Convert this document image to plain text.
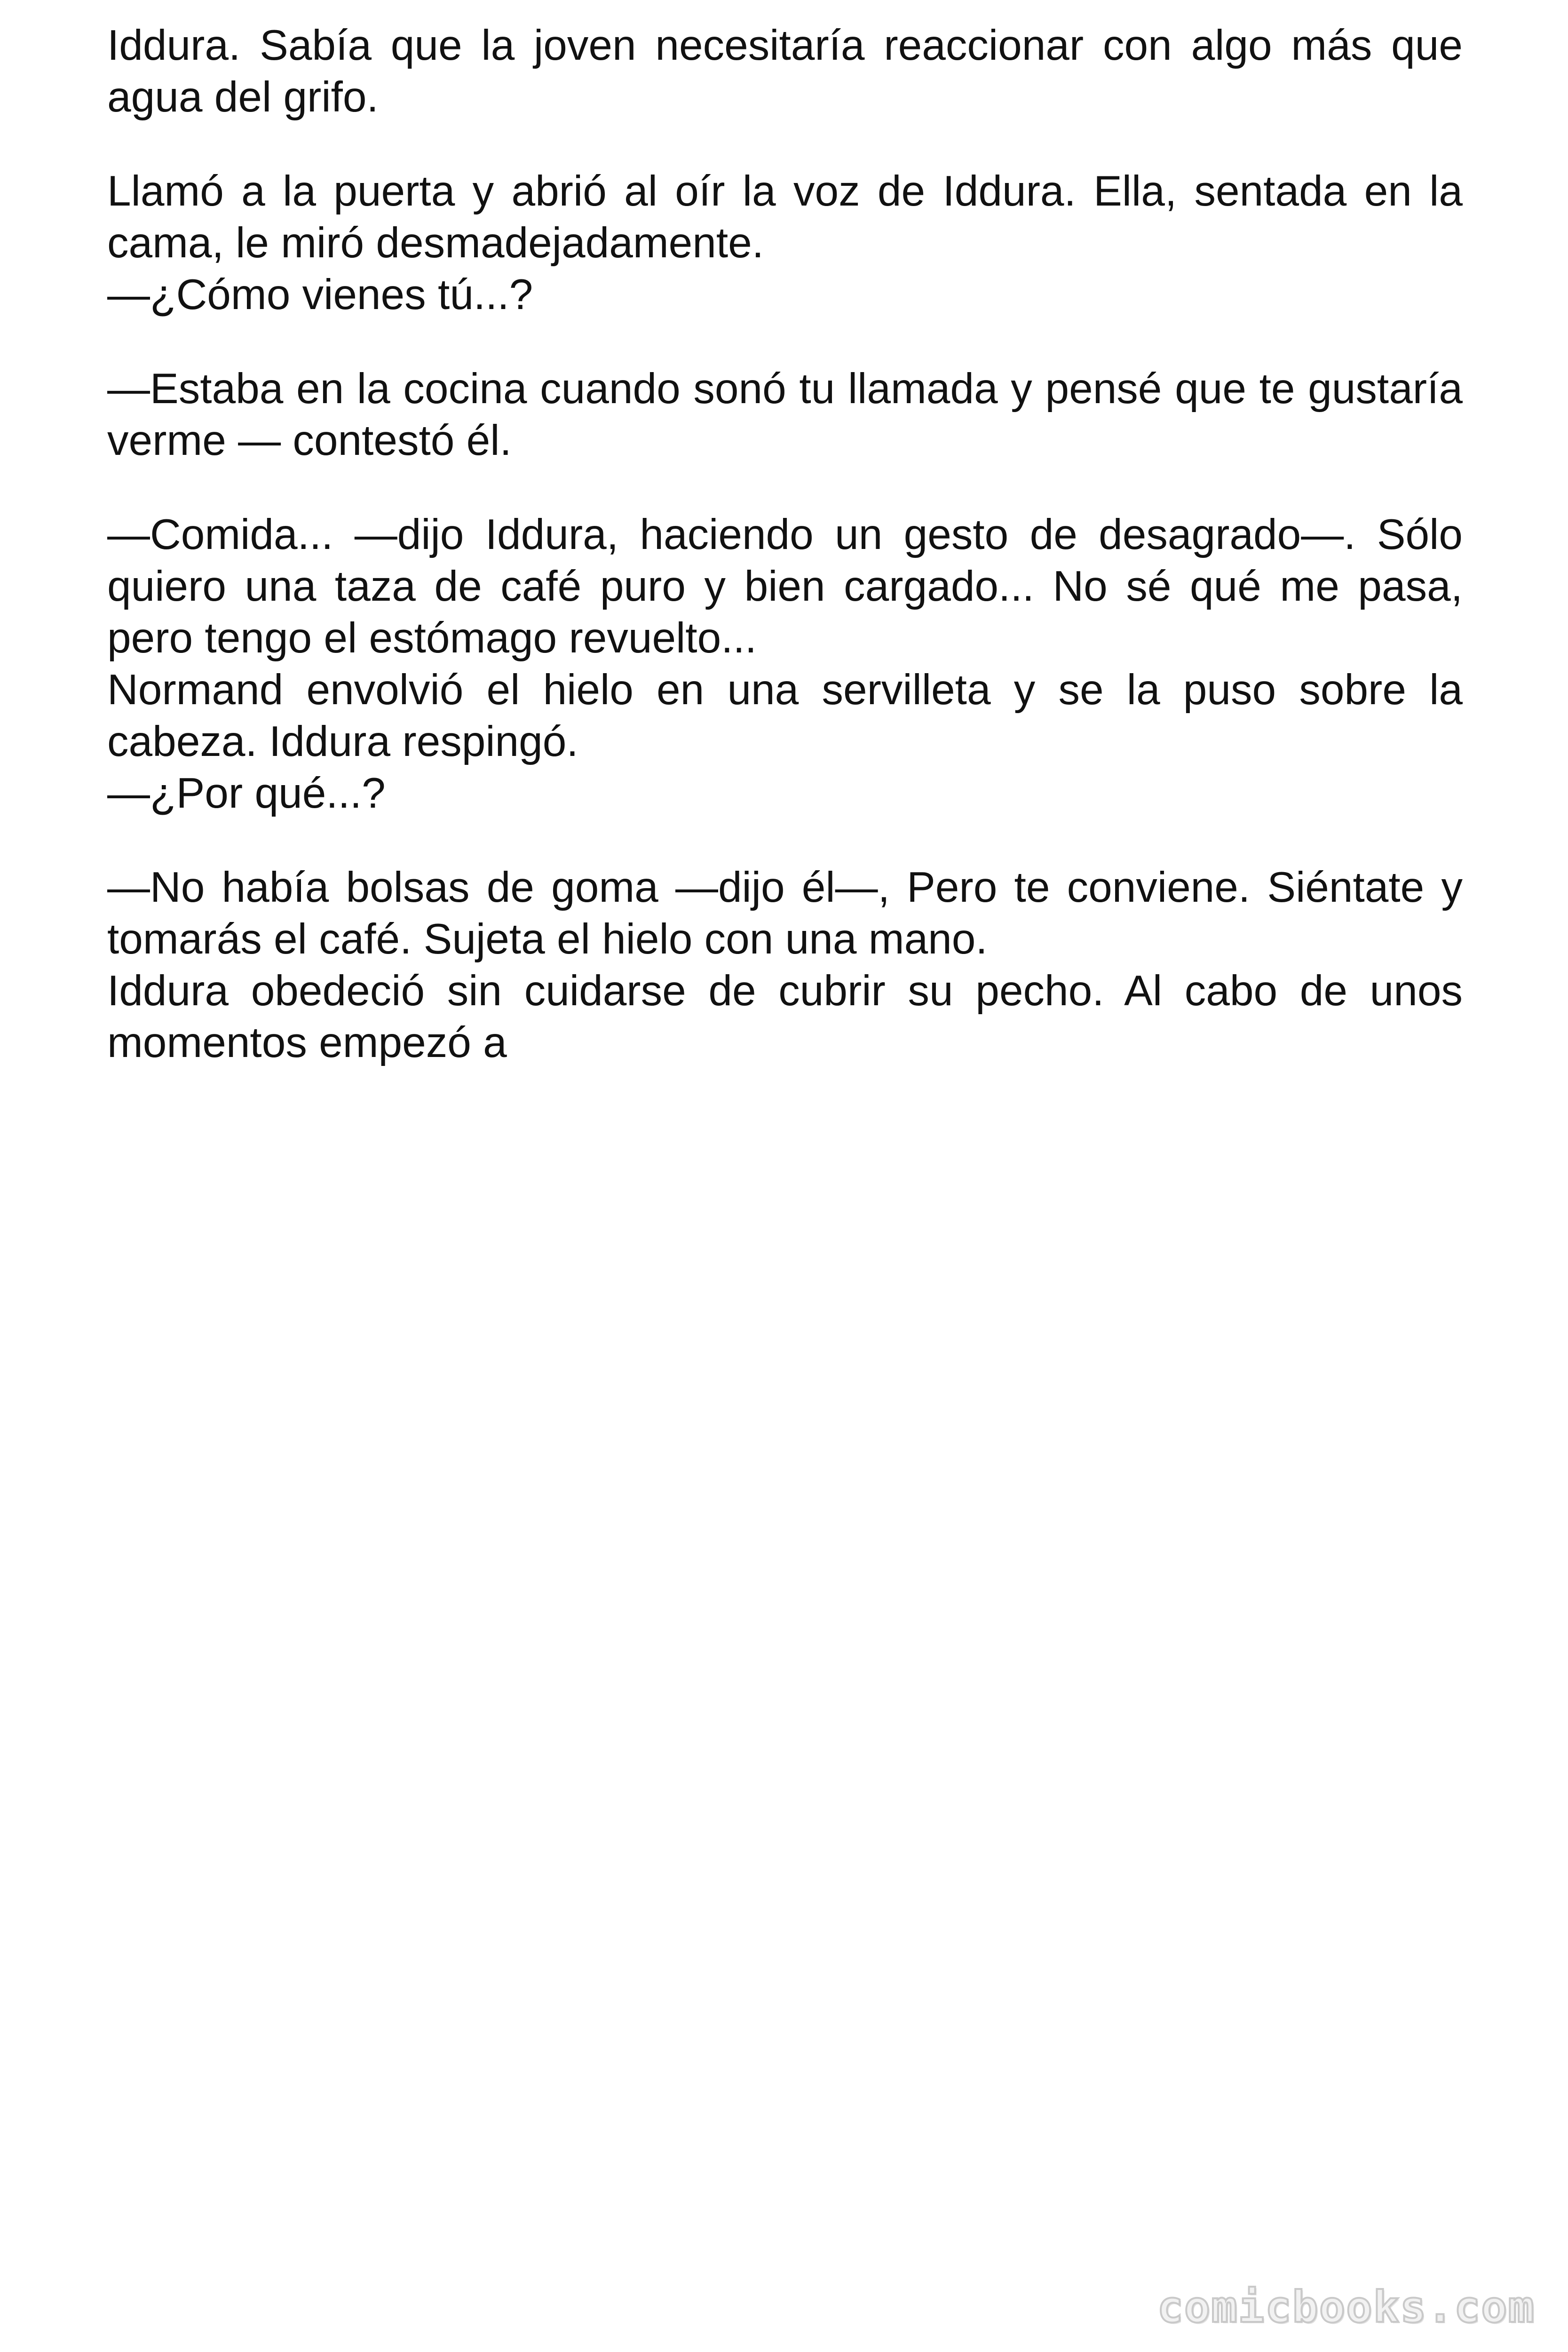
Iddura. Sabía que la joven necesitaría reaccionar con algo más que agua del grifo.

Llamó a la puerta y abrió al oír la voz de Iddura. Ella, sentada en la cama, le miró desmadejadamente.

—¿Cómo vienes tú...?

—Estaba en la cocina cuando sonó tu llamada y pensé que te gustaría verme — contestó él.

—Comida... —dijo Iddura, haciendo un gesto de desagrado—. Sólo quiero una taza de café puro y bien cargado... No sé qué me pasa, pero tengo el estómago revuelto...

Normand envolvió el hielo en una servilleta y se la puso sobre la cabeza. Iddura respingó.

—¿Por qué...?

—No había bolsas de goma —dijo él—, Pero te conviene. Siéntate y tomarás el café. Sujeta el hielo con una mano.

Iddura obedeció sin cuidarse de cubrir su pecho. Al cabo de unos momentos empezó a

comicbooks.com
